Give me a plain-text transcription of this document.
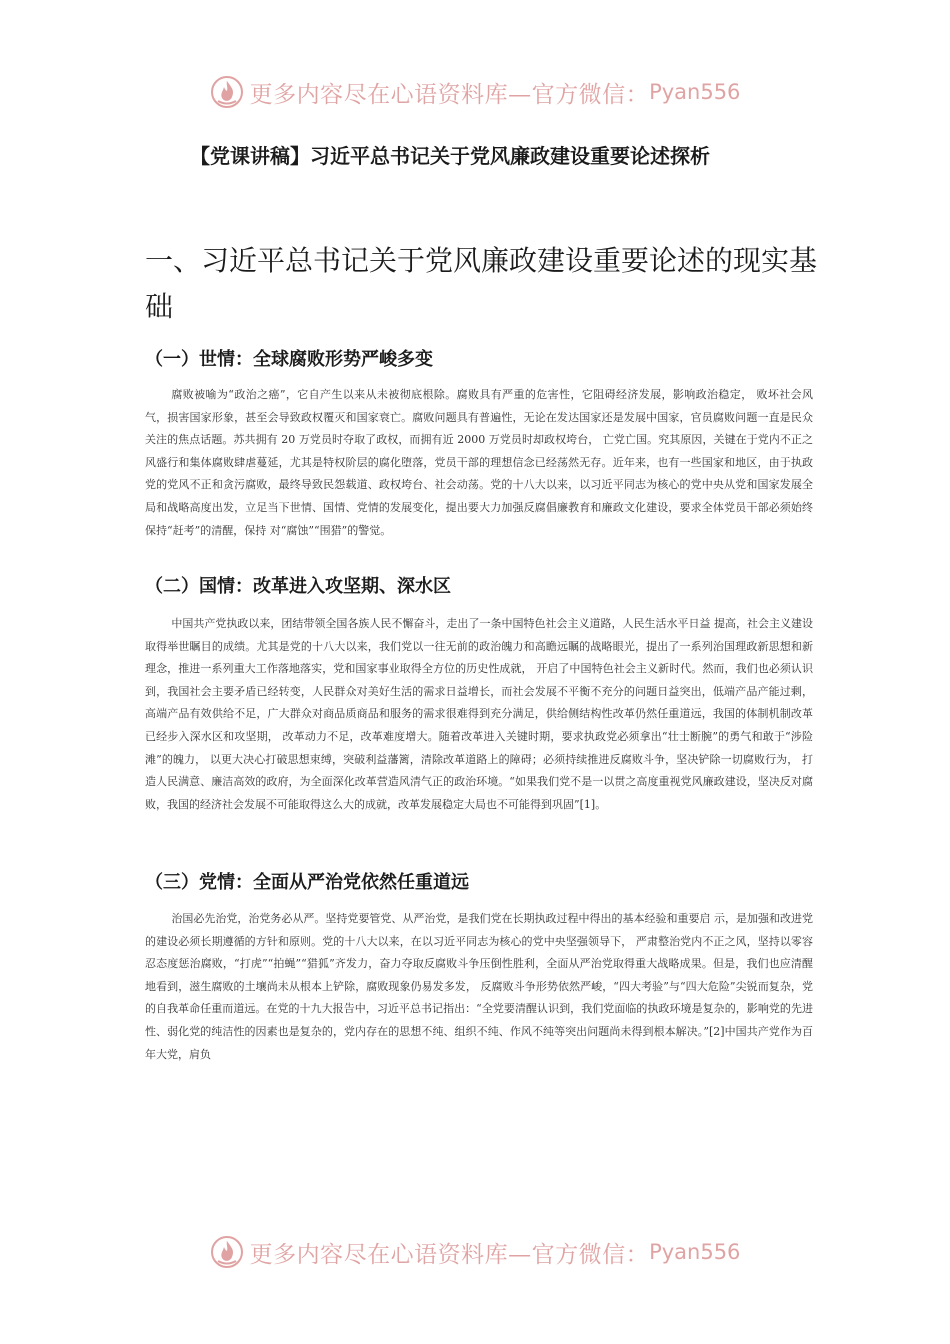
更多内容尽在心语资料库—官方微信： Pyan556
【党课讲稿】习近平总书记关于党风廉政建设重要论述探析
一、习近平总书记关于党风廉政建设重要论述的现实基础
（一）世情：全球腐败形势严峻多变

腐败被喻为“政治之癌”，它自产生以来从未被彻底根除。腐败具有严重的危害性，它阻碍经济发展，影响政治稳定， 败坏社会风气，损害国家形象，甚至会导致政权覆灭和国家衰亡。腐败问题具有普遍性，无论在发达国家还是发展中国家，官员腐败问题一直是民众关注的焦点话题。苏共拥有 20 万党员时夺取了政权，而拥有近 2000 万党员时却政权垮台， 亡党亡国。究其原因，关键在于党内不正之风盛行和集体腐败肆虐蔓延，尤其是特权阶层的腐化堕落，党员干部的理想信念已经荡然无存。近年来，也有一些国家和地区，由于执政党的党风不正和贪污腐败，最终导致民怨载道、政权垮台、社会动荡。党的十八大以来，以习近平同志为核心的党中央从党和国家发展全局和战略高度出发，立足当下世情、国情、党情的发展变化，提出要大力加强反腐倡廉教育和廉政文化建设，要求全体党员干部必须始终保持“赶考”的清醒，保持 对“腐蚀”“围猎”的警觉。

（二）国情：改革进入攻坚期、深水区

中国共产党执政以来，团结带领全国各族人民不懈奋斗，走出了一条中国特色社会主义道路，人民生活水平日益 提高，社会主义建设取得举世瞩目的成绩。尤其是党的十八大以来，我们党以一往无前的政治魄力和高瞻远瞩的战略眼光，提出了一系列治国理政新思想和新理念，推进一系列重大工作落地落实，党和国家事业取得全方位的历史性成就， 开启了中国特色社会主义新时代。然而，我们也必须认识到，我国社会主要矛盾已经转变，人民群众对美好生活的需求日益增长，而社会发展不平衡不充分的问题日益突出，低端产品产能过剩，高端产品有效供给不足，广大群众对商品质商品和服务的需求很难得到充分满足，供给侧结构性改革仍然任重道远，我国的体制机制改革已经步入深水区和攻坚期， 改革动力不足，改革难度增大。随着改革进入关键时期，要求执政党必须拿出“壮士断腕”的勇气和敢于“涉险滩”的魄力， 以更大决心打破思想束缚，突破利益藩篱，清除改革道路上的障碍；必须持续推进反腐败斗争，坚决铲除一切腐败行为， 打造人民满意、廉洁高效的政府，为全面深化改革营造风清气正的政治环境。“如果我们党不是一以贯之高度重视党风廉政建设，坚决反对腐败，我国的经济社会发展不可能取得这么大的成就，改革发展稳定大局也不可能得到巩固”[1]。

（三）党情：全面从严治党依然任重道远

治国必先治党，治党务必从严。坚持党要管党、从严治党，是我们党在长期执政过程中得出的基本经验和重要启 示，是加强和改进党的建设必须长期遵循的方针和原则。党的十八大以来，在以习近平同志为核心的党中央坚强领导下， 严肃整治党内不正之风，坚持以零容忍态度惩治腐败，“打虎”“拍蝇”“猎狐”齐发力，奋力夺取反腐败斗争压倒性胜利，全面从严治党取得重大战略成果。但是，我们也应清醒地看到，滋生腐败的土壤尚未从根本上铲除，腐败现象仍易发多发， 反腐败斗争形势依然严峻，“四大考验”与“四大危险”尖锐而复杂，党的自我革命任重而道远。在党的十九大报告中，习近平总书记指出：“全党要清醒认识到，我们党面临的执政环境是复杂的，影响党的先进性、弱化党的纯洁性的因素也是复杂的，党内存在的思想不纯、组织不纯、作风不纯等突出问题尚未得到根本解决。”[2]中国共产党作为百年大党，肩负

更多内容尽在心语资料库—官方微信： Pyan556
